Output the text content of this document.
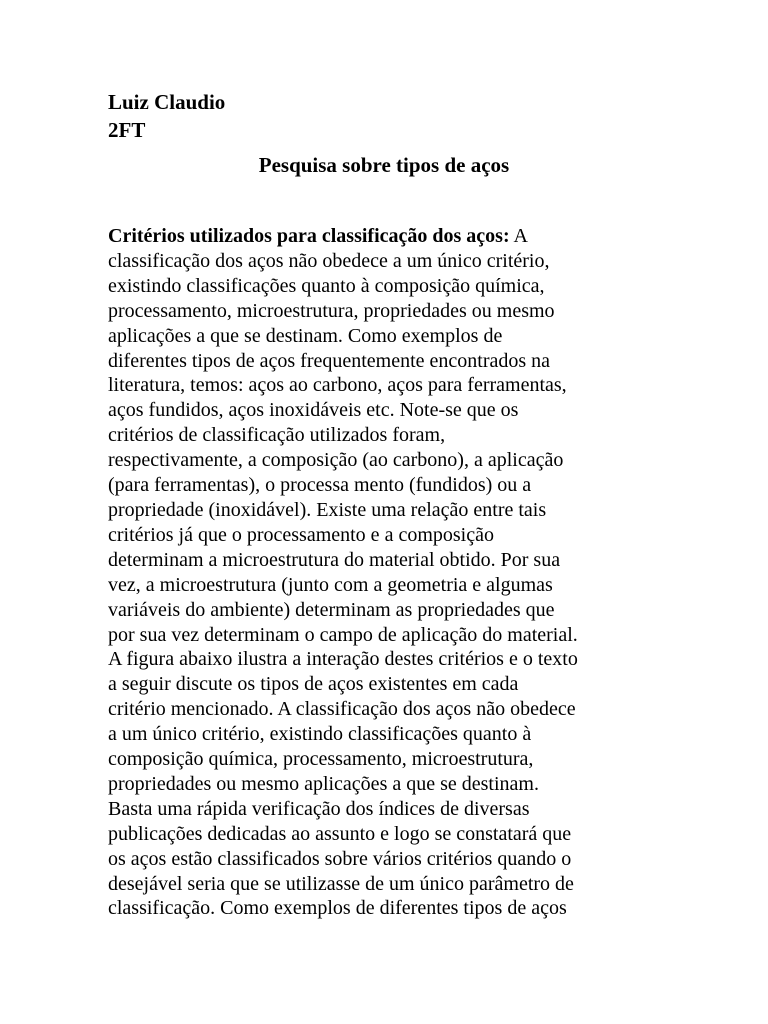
Luiz Claudio
2FT
Pesquisa sobre tipos de aços
Critérios utilizados para classificação dos aços: A
classificação dos aços não obedece a um único critério,
existindo classificações quanto à composição química,
processamento, microestrutura, propriedades ou mesmo
aplicações a que se destinam. Como exemplos de
diferentes tipos de aços frequentemente encontrados na
literatura, temos: aços ao carbono, aços para ferramentas,
aços fundidos, aços inoxidáveis etc. Note-se que os
critérios de classificação utilizados foram,
respectivamente, a composição (ao carbono), a aplicação
(para ferramentas), o processa mento (fundidos) ou a
propriedade (inoxidável). Existe uma relação entre tais
critérios já que o processamento e a composição
determinam a microestrutura do material obtido. Por sua
vez, a microestrutura (junto com a geometria e algumas
variáveis do ambiente) determinam as propriedades que
por sua vez determinam o campo de aplicação do material.
A figura abaixo ilustra a interação destes critérios e o texto
a seguir discute os tipos de aços existentes em cada
critério mencionado. A classificação dos aços não obedece
a um único critério, existindo classificações quanto à
composição química, processamento, microestrutura,
propriedades ou mesmo aplicações a que se destinam.
Basta uma rápida verificação dos índices de diversas
publicações dedicadas ao assunto e logo se constatará que
os aços estão classificados sobre vários critérios quando o
desejável seria que se utilizasse de um único parâmetro de
classificação. Como exemplos de diferentes tipos de aços
